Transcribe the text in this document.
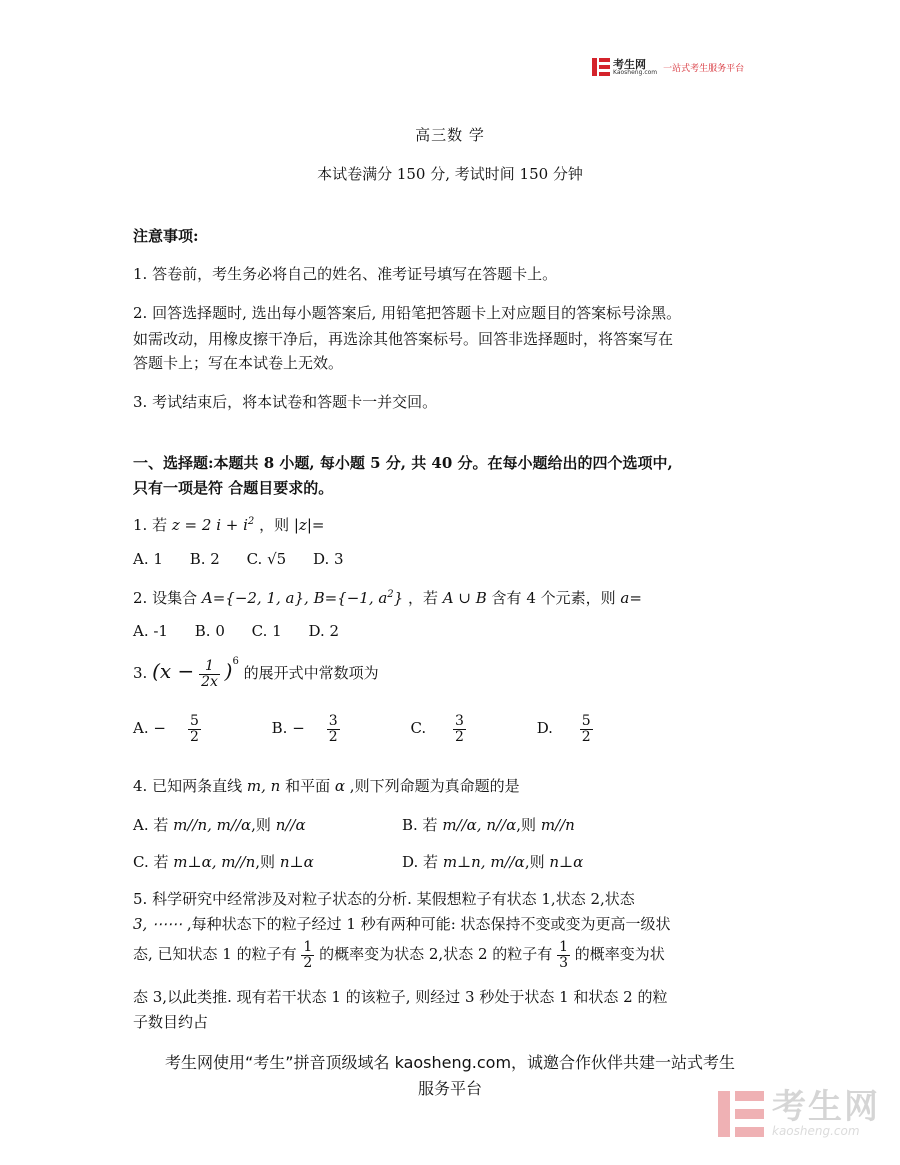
考生网
Kaosheng.com 一站式考生服务平台
高三数 学
本试卷满分 150 分, 考试时间 150 分钟
注意事项:
1. 答卷前，考生务必将自己的姓名、准考证号填写在答题卡上。
2. 回答选择题时, 选出每小题答案后, 用铅笔把答题卡上对应题目的答案标号涂黑。
如需改动，用橡皮擦干净后，再选涂其他答案标号。回答非选择题时，将答案写在
答题卡上；写在本试卷上无效。
3. 考试结束后，将本试卷和答题卡一并交回。
一、选择题:本题共 8 小题, 每小题 5 分, 共 40 分。在每小题给出的四个选项中,
只有一项是符 合题目要求的。
1. 若 z = 2 $i + i^2$ ，则 |z|=
A. 1 B. 2 C. √5 D. 3
2. 设集合 A={−2, 1, a}, B={−1, $a^2$} ，若 A ∪ B 含有 4 个元素，则 a=
A. -1 B. 0 C. 1 D. 2
3. $(x - \frac{1}{2x} )^6$ 的展开式中常数项为
A. − $\frac{5}{2}$	B. − $\frac{3}{2}$	C. $\frac{3}{2}$	D. $\frac{5}{2}$
4. 已知两条直线 m, n 和平面 α ,则下列命题为真命题的是
A. 若 m//n, m//α,则 n//α	B. 若 m//α, n//α,则 m//n
C. 若 m⊥α, m//n,则 n⊥α	D. 若 m⊥n, m//α,则 n⊥α
5. 科学研究中经常涉及对粒子状态的分析. 某假想粒子有状态 1,状态 2,状态
3, ⋯⋯ ,每种状态下的粒子经过 1 秒有两种可能: 状态保持不变或变为更高一级状
态, 已知状态 1 的粒子有 $\frac{1}{2}$ 的概率变为状态 2,状态 2 的粒子有 $\frac{1}{3}$ 的概率变为状
态 3,以此类推. 现有若干状态 1 的该粒子, 则经过 3 秒处于状态 1 和状态 2 的粒
子数目约占
考生网使用“考生”拼音顶级域名 kaosheng.com，诚邀合作伙伴共建一站式考生
服务平台	考生网
kaosheng.com
